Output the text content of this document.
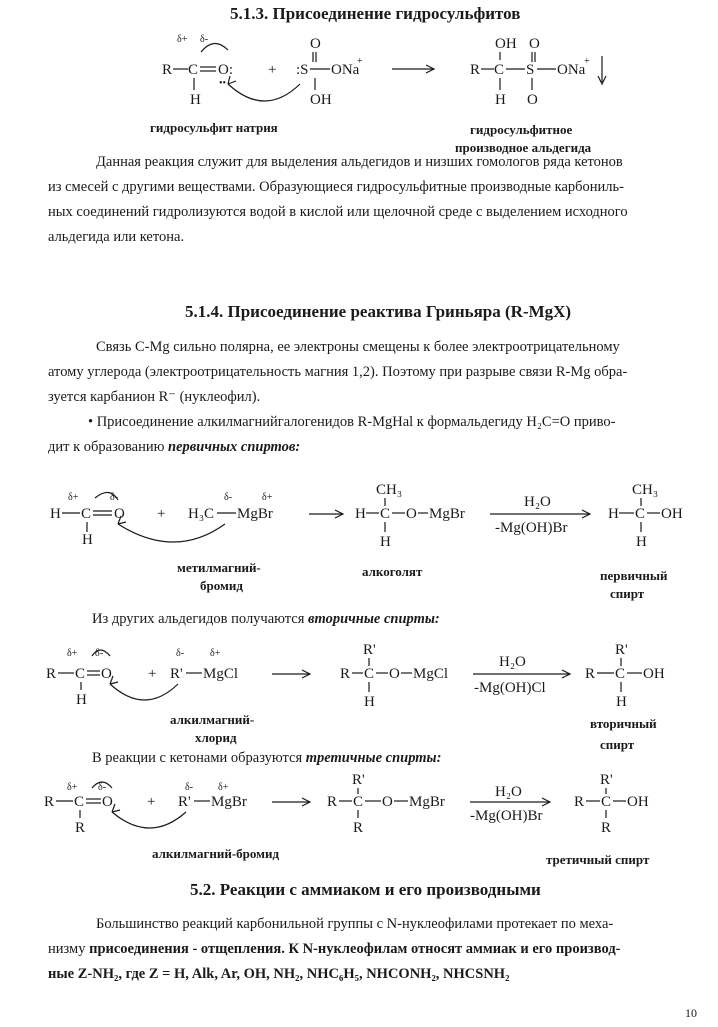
5.1.3. Присоединение гидросульфитов
δ+ δ-
R C O:
••
H
+ :S
O
ONa
+
OH
OH O
R C S ONa
+
H O
гидросульфит натрия	гидросульфитное
производное альдегида
Данная реакция служит для выделения альдегидов и низших гомологов ряда кетонов
из смесей с другими веществами. Образующиеся гидросульфитные производные карбониль-
ных соединений гидролизуются водой в кислой или щелочной среде с выделением исходного
альдегида или кетона.
5.1.4. Присоединение реактива Гриньяра (R-MgX)
Связь C-Mg сильно полярна, ее электроны смещены к более электроотрицательному
атому углерода (электроотрицательность магния 1,2). Поэтому при разрыве связи R-Mg обра-
зуется карбанион R⁻ (нуклеофил).
• Присоединение алкилмагнийгалогенидов R-MgHal к формальдегиду H₂C=O приво-
дит к образованию первичных спиртов:
δ+	δ-
H C O
H
+
δ-	δ+
H₃C MgBr
CH₃
H C O MgBr
H
H₂O
-Mg(OH)Br
CH₃
H C OH
H
метилмагний-
бромид
алкоголят	первичный
спирт
Из других альдегидов получаются вторичные спирты:
δ+ δ-
R C O
H
+
δ-	δ+
R' MgCl
R'
R C O MgCl
H
H₂O
-Mg(OH)Cl
R'
R C OH
H
алкилмагний-
хлорид
вторичный
спирт
В реакции с кетонами образуются третичные спирты:
δ+ δ-
R C O
R
+
δ- δ+
R' MgBr
R'
R C O MgBr
R
H₂O
-Mg(OH)Br
R'
R C OH
R
алкилмагний-бромид	третичный спирт
5.2. Реакции с аммиаком и его производными
Большинство реакций карбонильной группы с N-нуклеофилами протекает по меха-
низму присоединения - отщепления. К N-нуклеофилам относят аммиак и его производ-
ные Z-NH₂, где Z = H, Alk, Ar, OH, NH₂, NHC₆H₅, NHCONH₂, NHCSNH₂
10
